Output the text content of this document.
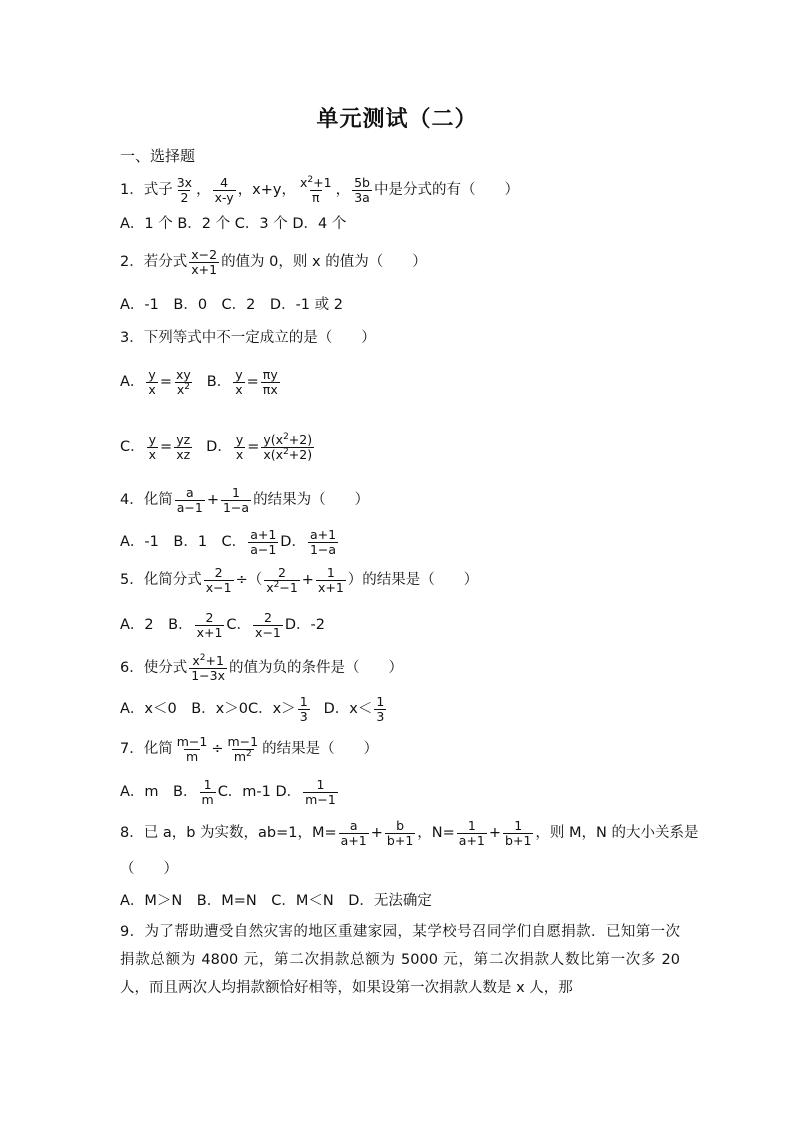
单元测试（二）
一、选择题
1．式子 $\frac{3x}{2}$ ， $\frac{4}{x-y}$ ，x+y， $\frac{x^2+1}{\pi}$ ， $\frac{5b}{3a}$ 中是分式的有（　　）
A．1 个 B．2 个 C．3 个 D．4 个
2．若分式 $\frac{x-2}{x+1}$ 的值为 0，则 x 的值为（　　）
A．-1　B．0　C．2　D．-1 或 2
3．下列等式中不一定成立的是（　　）
A． $\frac{y}{x} = \frac{xy}{x^2}$ B． $\frac{y}{x} = \frac{\pi y}{\pi x}$
C． $\frac{y}{x} = \frac{yz}{xz}$ D． $\frac{y}{x} = \frac{y(x^2+2)}{x(x^2+2)}$
4．化简 $\frac{a}{a-1} + \frac{1}{1-a}$ 的结果为（　　）
A．-1　B．1　C． $\frac{a+1}{a-1}$ D． $\frac{a+1}{1-a}$
5．化简分式 $\frac{2}{x-1}$ ÷（ $\frac{2}{x^2-1} + \frac{1}{x+1}$ ）的结果是（　　）
A．2　B． $\frac{2}{x+1}$ C． $\frac{2}{x-1}$ D．-2
6．使分式 $\frac{x^2+1}{1-3x}$ 的值为负的条件是（　　）
A．x＜0　B．x＞0C．$x> \frac{1}{3}$ D．$x< \frac{1}{3}$
7．化简 $\frac{m-1}{m} \div \frac{m-1}{m^2}$ 的结果是（　　）
A．m　B． $\frac{1}{m}$ C．m-1 D． $\frac{1}{m-1}$
8．已 a，b 为实数，ab=1，$M= \frac{a}{a+1} + \frac{b}{b+1}$ ，$N= \frac{1}{a+1} + \frac{1}{b+1}$ ，则 M，N 的大小关系是
（　　）
A．M＞N　B．M=N　C．M＜N　D．无法确定
9．为了帮助遭受自然灾害的地区重建家园，某学校号召同学们自愿捐款．已知第一次捐款总额为 4800 元，第二次捐款总额为 5000 元，第二次捐款人数比第一次多 20 人，而且两次人均捐款额恰好相等，如果设第一次捐款人数是 x 人，那
